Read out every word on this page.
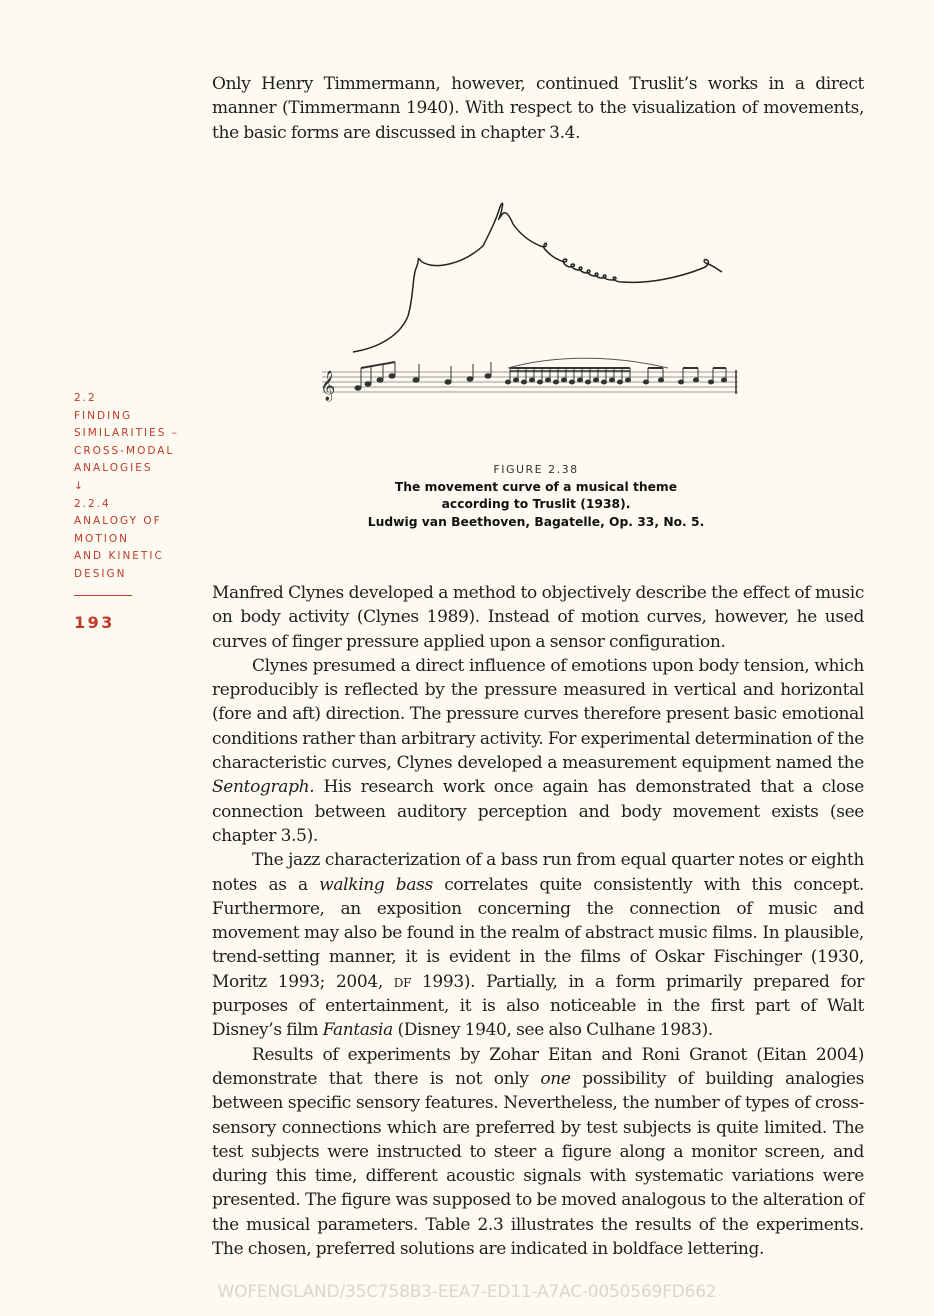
Only Henry Timmermann, however, continued Truslit’s works in a direct manner (Timmermann 1940). With respect to the visualization of movements, the basic forms are discussed in chapter 3.4.

𝄞
FIGURE 2.38
The movement curve of a musical theme
according to Truslit (1938).
Ludwig van Beethoven, Bagatelle, Op. 33, No. 5.
2.2
FINDING
SIMILARITIES –
CROSS-MODAL
ANALOGIES
↓
2.2.4
ANALOGY OF
MOTION
AND KINETIC
DESIGN
193

Manfred Clynes developed a method to objectively describe the effect of music on body activity (Clynes 1989). Instead of motion curves, however, he used curves of finger pressure applied upon a sensor configuration.

Clynes presumed a direct influence of emotions upon body tension, which reproducibly is reflected by the pressure measured in vertical and horizontal (fore and aft) direction. The pressure curves therefore present basic emotional conditions rather than arbitrary activity. For experimental determination of the characteristic curves, Clynes developed a measurement equipment named the Sentograph. His research work once again has demonstrated that a close connection between auditory perception and body movement exists (see chapter 3.5).

The jazz characterization of a bass run from equal quarter notes or eighth notes as a walking bass correlates quite consistently with this concept. Furthermore, an exposition concerning the connection of music and movement may also be found in the realm of abstract music films. In plausible, trend-setting manner, it is evident in the films of Oskar Fischinger (1930, Moritz 1993; 2004, df 1993). Partially, in a form primarily prepared for purposes of entertainment, it is also noticeable in the first part of Walt Disney’s film Fantasia (Disney 1940, see also Culhane 1983).

Results of experiments by Zohar Eitan and Roni Granot (Eitan 2004) demonstrate that there is not only one possibility of building analogies between specific sensory features. Nevertheless, the number of types of cross-sensory connections which are preferred by test subjects is quite limited. The test subjects were instructed to steer a figure along a monitor screen, and during this time, different acoustic signals with systematic variations were presented. The figure was supposed to be moved analogous to the alteration of the musical parameters. Table 2.3 illustrates the results of the experiments. The chosen, preferred solutions are indicated in boldface lettering.

WOFENGLAND/35C758B3-EEA7-ED11-A7AC-0050569FD662
